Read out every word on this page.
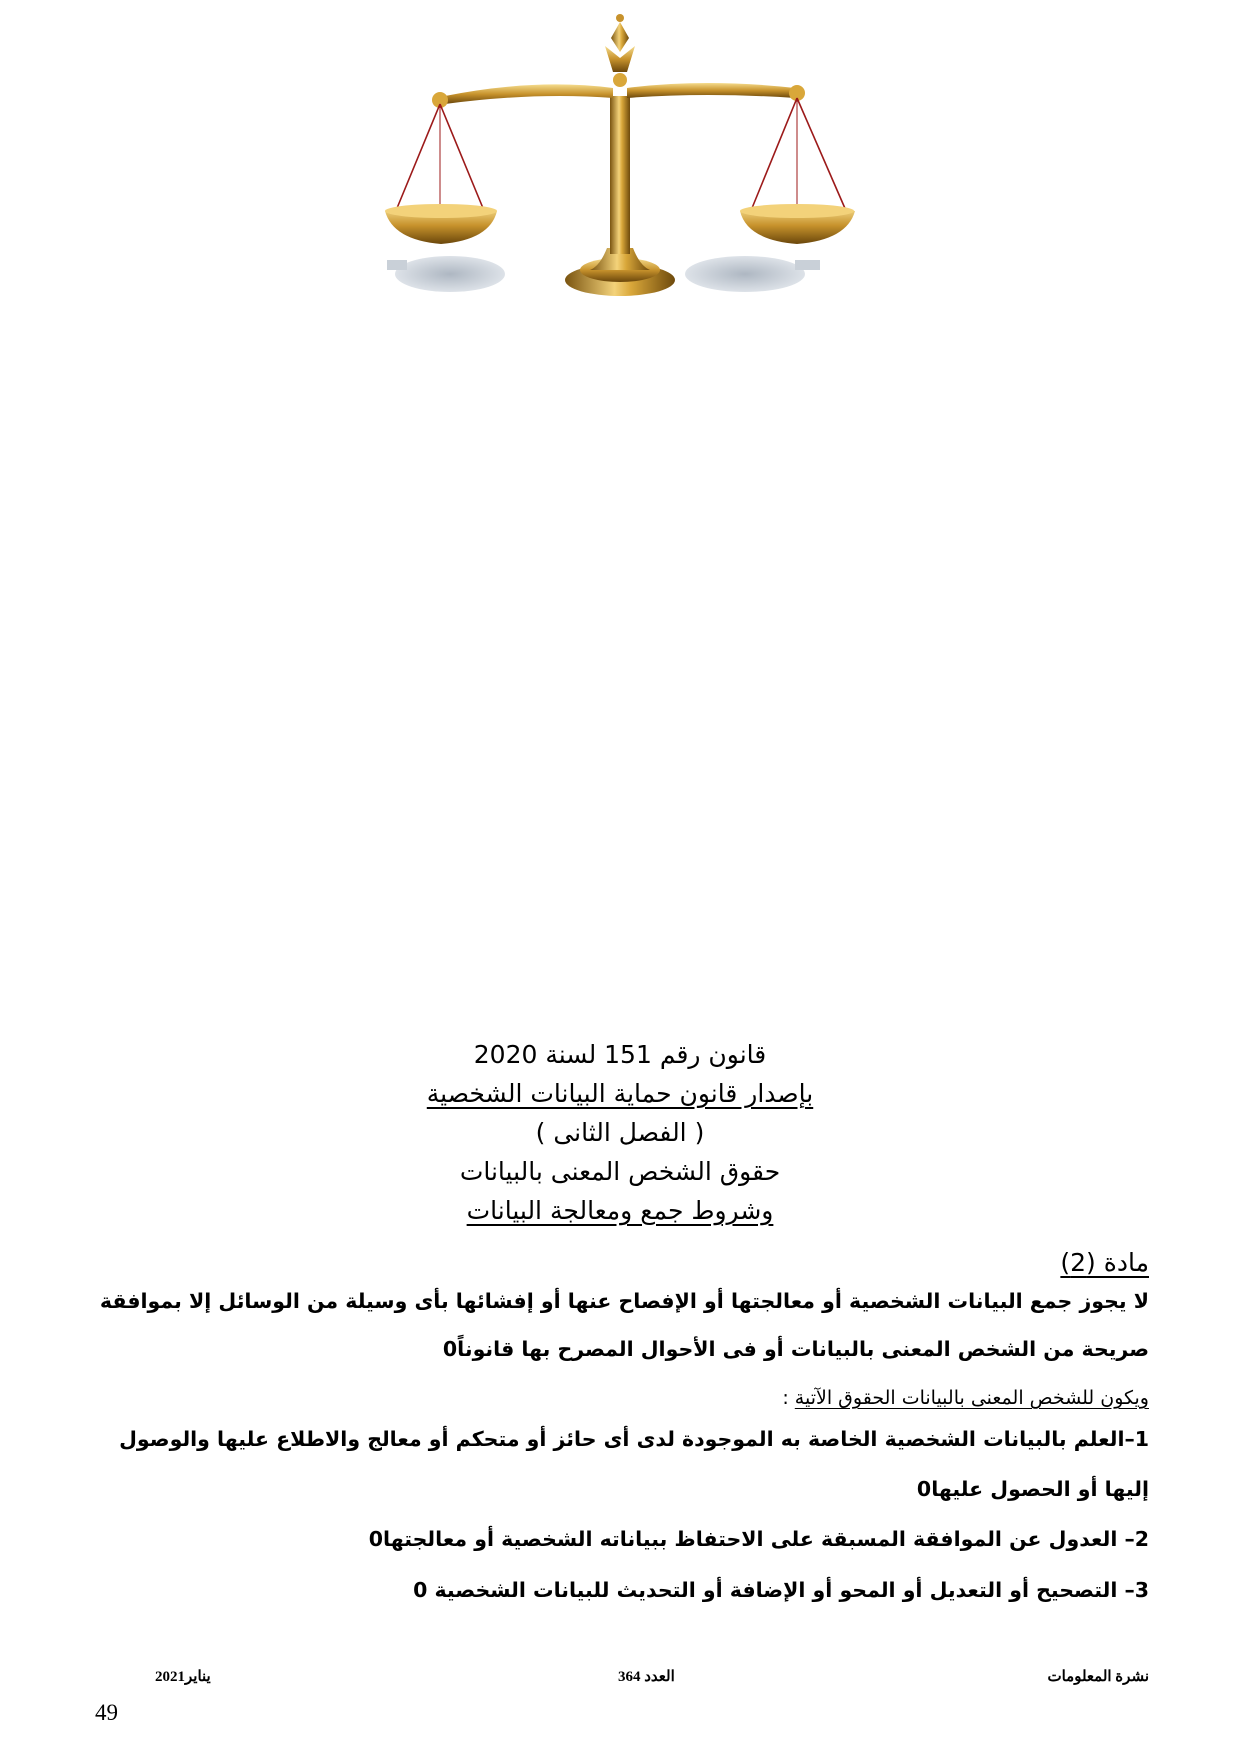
قانون رقم 151 لسنة 2020
بإصدار قانون حماية البيانات الشخصية
( الفصل الثانى )
حقوق الشخص المعنى بالبيانات
وشروط جمع ومعالجة البيانات
مادة (2)
لا يجوز جمع البيانات الشخصية أو معالجتها أو الإفصاح عنها أو إفشائها بأى وسيلة من الوسائل إلا بموافقة
صريحة من الشخص المعنى بالبيانات أو فى الأحوال المصرح بها قانوناً0
ويكون للشخص المعنى بالبيانات الحقوق الآتية :
1–العلم بالبيانات الشخصية الخاصة به الموجودة لدى أى حائز أو متحكم أو معالج والاطلاع عليها والوصول
إليها أو الحصول عليها0
2– العدول عن الموافقة المسبقة على الاحتفاظ ببياناته الشخصية أو معالجتها0
3– التصحيح أو التعديل أو المحو أو الإضافة أو التحديث للبيانات الشخصية 0
نشرة المعلومات
العدد 364
يناير2021
49
